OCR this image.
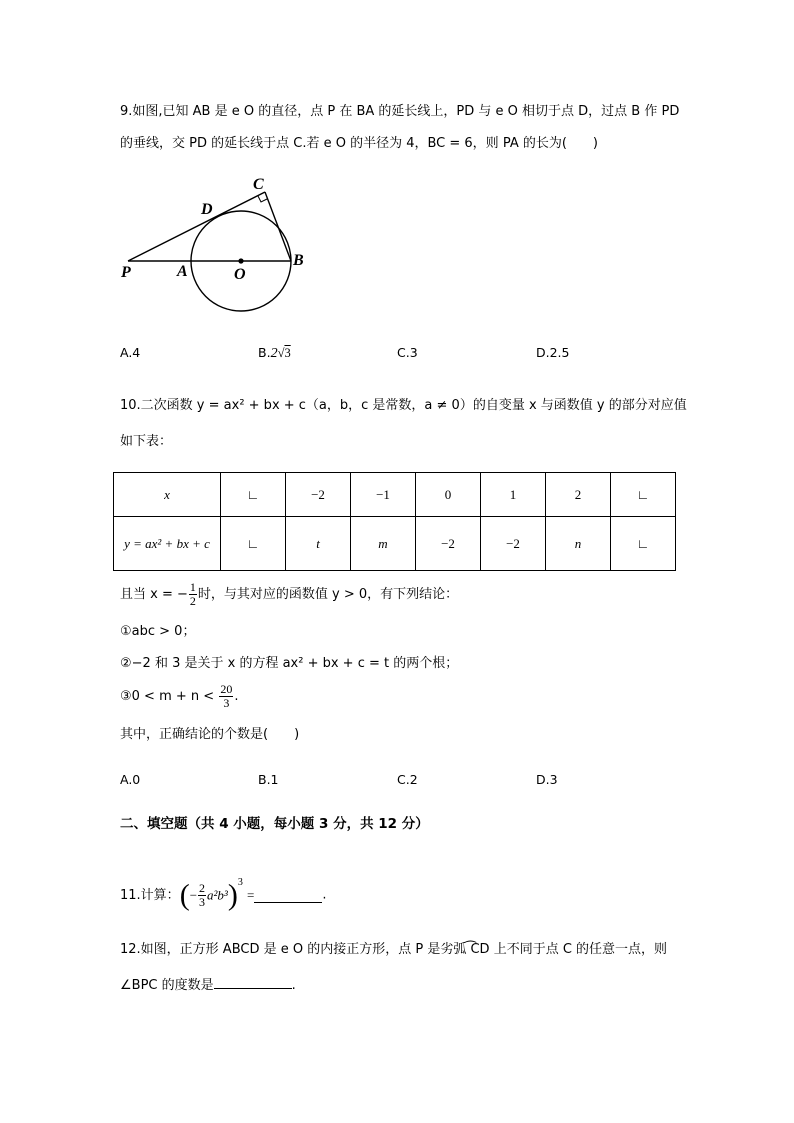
9.如图,已知 AB 是 e O 的直径，点 P 在 BA 的延长线上，PD 与 e O 相切于点 D，过点 B 作 PD
的垂线，交 PD 的延长线于点 C.若 e O 的半径为 4，BC = 6，则 PA 的长为(　　)
C
D
P	A	O
B
A.4	B.2√3	C.3	D.2.5
10.二次函数 y = ax² + bx + c（a，b，c 是常数，a ≠ 0）的自变量 x 与函数值 y 的部分对应值
如下表：
x	∟	−2	−1	0	1	2	∟
y = ax² + bx + c	∟	t	m	−2	−2	n	∟
且当 x = − $\frac{1}{2}$ 时，与其对应的函数值 y > 0，有下列结论：
①abc > 0；
②−2 和 3 是关于 x 的方程 ax² + bx + c = t 的两个根；
③0 < $m + n < \frac{20}{3}$ .
其中，正确结论的个数是(　　)
A.0	B.1	C.2	D.3
二、填空题（共 4 小题，每小题 3 分，共 12 分）
11.计算：(− $\frac{2}{3} a^2b^3)^3$ =	.
12.如图，正方形 ABCD 是 e O 的内接正方形，点 P 是劣弧 ͡CD 上不同于点 C 的任意一点，则
∠BPC 的度数是	.
